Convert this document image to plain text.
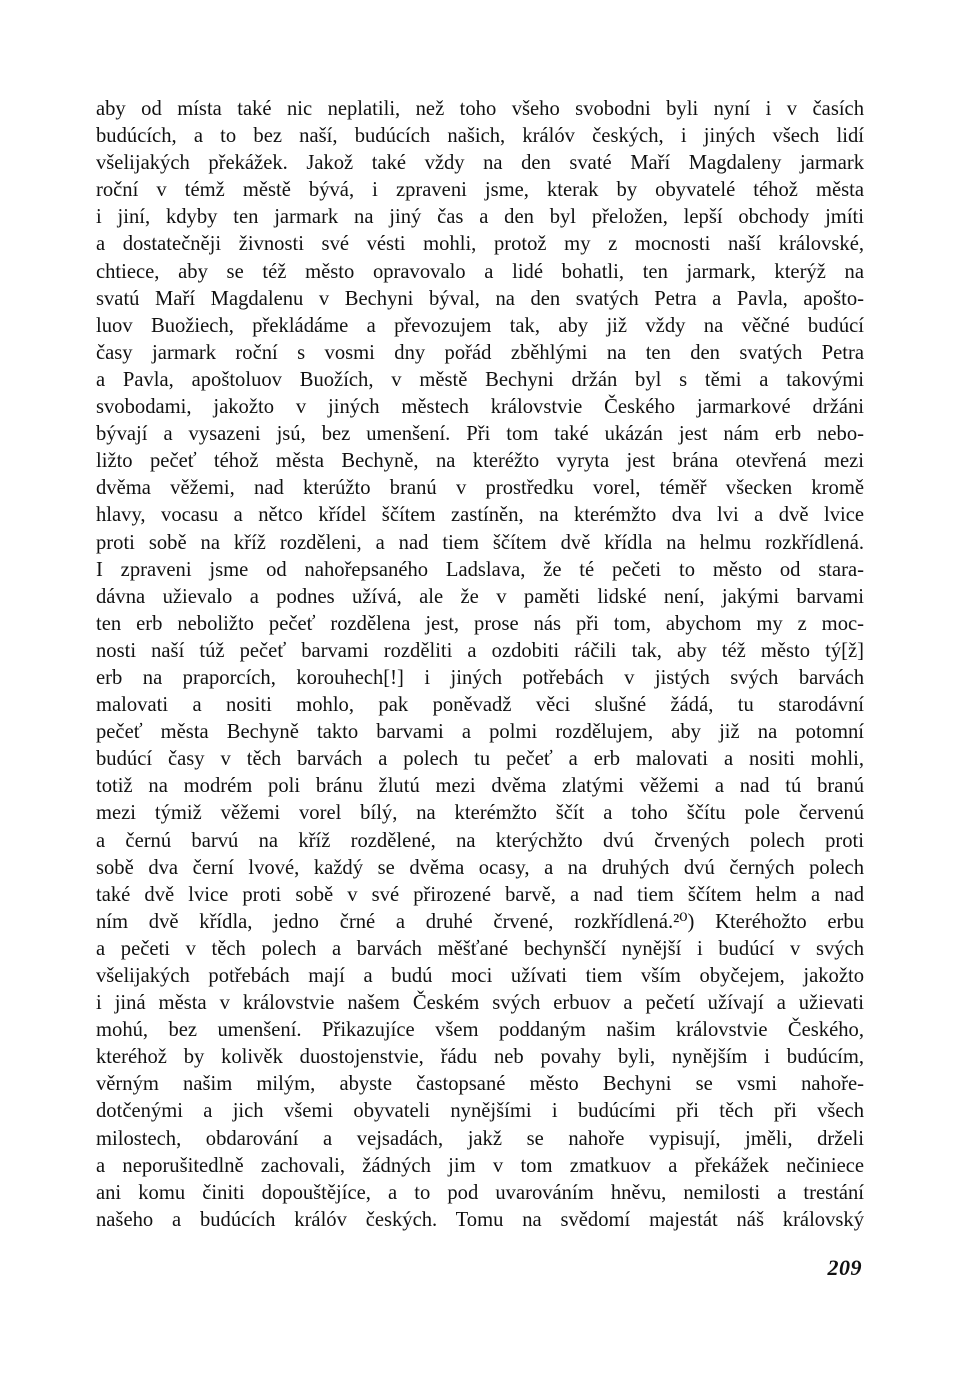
aby od místa také nic neplatili, než toho všeho svobodni byli nyní i v časích
budúcích, a to bez naší, budúcích našich, králóv českých, i jiných všech lidí
všelijakých překážek. Jakož také vždy na den svaté Maří Magdaleny jarmark
roční v témž městě bývá, i zpraveni jsme, kterak by obyvatelé téhož města
i jiní, kdyby ten jarmark na jiný čas a den byl přeložen, lepší obchody jmíti
a dostatečněji živnosti své vésti mohli, protož my z mocnosti naší královské,
chtiece, aby se též město opravovalo a lidé bohatli, ten jarmark, kterýž na
svatú Maří Magdalenu v Bechyni býval, na den svatých Petra a Pavla, apošto-
luov Buožiech, překládáme a převozujem tak, aby již vždy na věčné budúcí
časy jarmark roční s vosmi dny pořád zběhlými na ten den svatých Petra
a Pavla, apoštoluov Buožích, v městě Bechyni držán byl s těmi a takovými
svobodami, jakožto v jiných městech královstvie Českého jarmarkové držáni
bývají a vysazeni jsú, bez umenšení. Při tom také ukázán jest nám erb nebo-
ližto pečeť téhož města Bechyně, na kteréžto vyryta jest brána otevřená mezi
dvěma věžemi, nad kterúžto branú v prostředku vorel, téměř všecken kromě
hlavy, vocasu a nětco křídel ščítem zastíněn, na kterémžto dva lvi a dvě lvice
proti sobě na kříž rozděleni, a nad tiem ščítem dvě křídla na helmu rozkřídlená.
I zpraveni jsme od nahořepsaného Ladslava, že té pečeti to město od stara-
dávna užievalo a podnes užívá, ale že v paměti lidské není, jakými barvami
ten erb neboližto pečeť rozdělena jest, prose nás při tom, abychom my z moc-
nosti naší túž pečeť barvami rozděliti a ozdobiti ráčili tak, aby též město tý[ž]
erb na praporcích, korouhech[!] i jiných potřebách v jistých svých barvách
malovati a nositi mohlo, pak poněvadž věci slušné žádá, tu starodávní
pečeť města Bechyně takto barvami a polmi rozdělujem, aby již na potomní
budúcí časy v těch barvách a polech tu pečeť a erb malovati a nositi mohli,
totiž na modrém poli bránu žlutú mezi dvěma zlatými věžemi a nad tú branú
mezi týmiž věžemi vorel bílý, na kterémžto ščít a toho ščítu pole červenú
a černú barvú na kříž rozdělené, na kterýchžto dvú črvených polech proti
sobě dva černí lvové, každý se dvěma ocasy, a na druhých dvú černých polech
také dvě lvice proti sobě v své přirozené barvě, a nad tiem ščítem helm a nad
ním dvě křídla, jedno črné a druhé črvené, rozkřídlená.²⁰) Kteréhožto erbu
a pečeti v těch polech a barvách měšťané bechynščí nynější i budúcí v svých
všelijakých potřebách mají a budú moci užívati tiem vším obyčejem, jakožto
i jiná města v královstvie našem Českém svých erbuov a pečetí užívají a užievati
mohú, bez umenšení. Přikazujíce všem poddaným našim královstvie Českého,
kteréhož by kolivěk duostojenstvie, řádu neb povahy byli, nynějším i budúcím,
věrným našim milým, abyste častopsané město Bechyni se vsmi nahoře-
dotčenými a jich všemi obyvateli nynějšími i budúcími při těch při všech
milostech, obdarování a vejsadách, jakž se nahoře vypisují, jměli, drželi
a neporušitedlně zachovali, žádných jim v tom zmatkuov a překážek nečiniece
ani komu činiti dopouštějíce, a to pod uvarováním hněvu, nemilosti a trestání
našeho a budúcích králóv českých. Tomu na svědomí majestát náš královský
209
